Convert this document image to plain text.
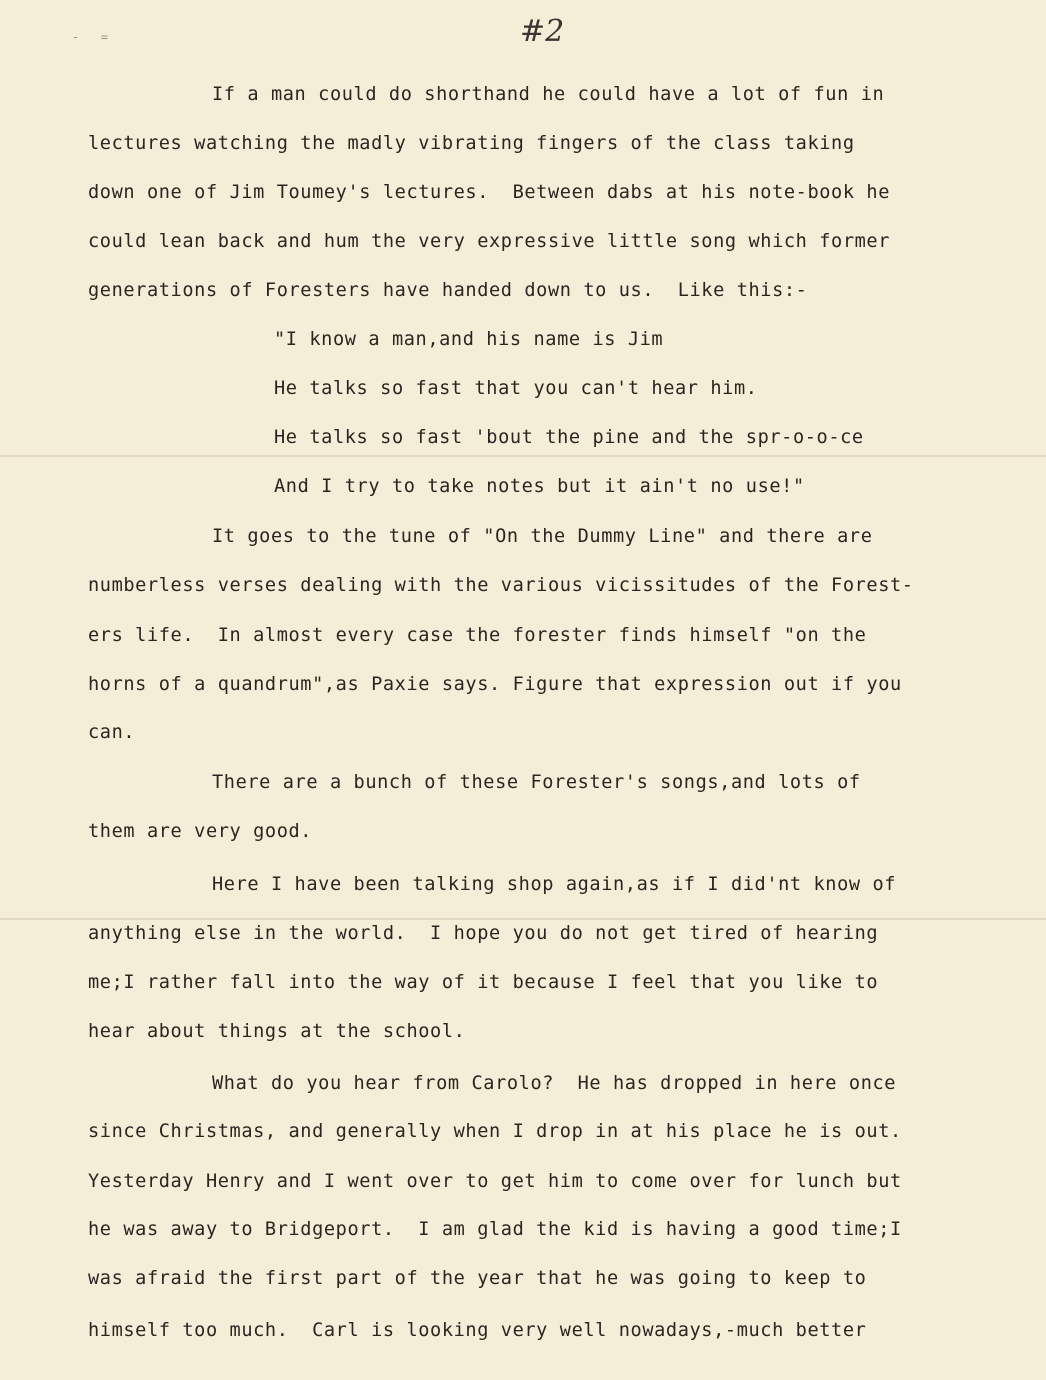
-   =	#2
If a man could do shorthand he could have a lot of fun in
lectures watching the madly vibrating fingers of the class taking
down one of Jim Toumey's lectures.  Between dabs at his note-book he
could lean back and hum the very expressive little song which former
generations of Foresters have handed down to us.  Like this:-
"I know a man,and his name is Jim
He talks so fast that you can't hear him.
He talks so fast 'bout the pine and the spr-o-o-ce
And I try to take notes but it ain't no use!"
It goes to the tune of "On the Dummy Line" and there are
numberless verses dealing with the various vicissitudes of the Forest-
ers life.  In almost every case the forester finds himself "on the
horns of a quandrum",as Paxie says. Figure that expression out if you
can.
There are a bunch of these Forester's songs,and lots of
them are very good.
Here I have been talking shop again,as if I did'nt know of
anything else in the world.  I hope you do not get tired of hearing
me;I rather fall into the way of it because I feel that you like to
hear about things at the school.
What do you hear from Carolo?  He has dropped in here once
since Christmas, and generally when I drop in at his place he is out.
Yesterday Henry and I went over to get him to come over for lunch but
he was away to Bridgeport.  I am glad the kid is having a good time;I
was afraid the first part of the year that he was going to keep to
himself too much.  Carl is looking very well nowadays,-much better
